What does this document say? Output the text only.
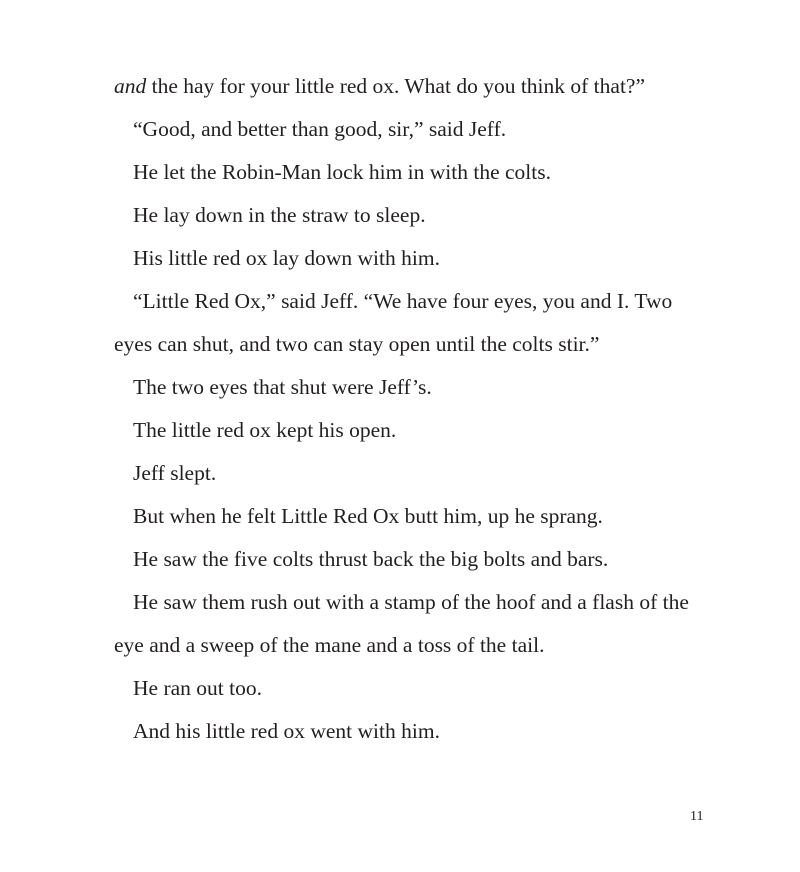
and the hay for your little red ox. What do you think of that?”

“Good, and better than good, sir,” said Jeff.

He let the Robin-Man lock him in with the colts.

He lay down in the straw to sleep.

His little red ox lay down with him.

“Little Red Ox,” said Jeff. “We have four eyes, you and I. Two

eyes can shut, and two can stay open until the colts stir.”

The two eyes that shut were Jeff’s.

The little red ox kept his open.

Jeff slept.

But when he felt Little Red Ox butt him, up he sprang.

He saw the five colts thrust back the big bolts and bars.

He saw them rush out with a stamp of the hoof and a flash of the

eye and a sweep of the mane and a toss of the tail.

He ran out too.

And his little red ox went with him.

11
